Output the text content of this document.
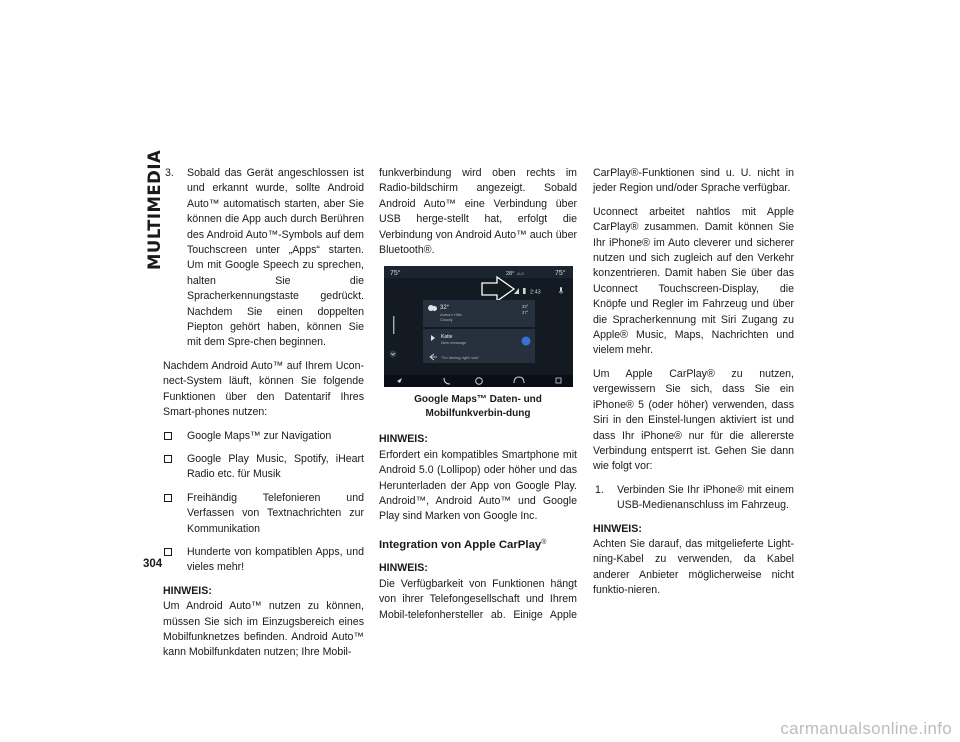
MULTIMEDIA
304
3. Sobald das Gerät angeschlossen ist und erkannt wurde, sollte Android Auto™ automatisch starten, aber Sie können die App auch durch Berühren des Android Auto™-Symbols auf dem Touchscreen unter „Apps“ starten. Um mit Google Speech zu sprechen, halten Sie die Spracherkennungstaste gedrückt. Nachdem Sie einen doppelten Piepton gehört haben, können Sie mit dem Spre-chen beginnen.

Nachdem Android Auto™ auf Ihrem Ucon-nect-System läuft, können Sie folgende Funktionen über den Datentarif Ihres Smart-phones nutzen:

Google Maps™ zur Navigation
Google Play Music, Spotify, iHeart Radio etc. für Musik
Freihändig Telefonieren und Verfassen von Textnachrichten zur Kommunikation
Hunderte von kompatiblen Apps, und vieles mehr!

HINWEIS:

Um Android Auto™ nutzen zu können, müssen Sie sich im Einzugsbereich eines Mobilfunknetzes befinden. Android Auto™ kann Mobilfunkdaten nutzen; Ihre Mobil-

funkverbindung wird oben rechts im Radio-bildschirm angezeigt. Sobald Android Auto™ eine Verbindung über USB herge-stellt hat, erfolgt die Verbindung von Android Auto™ auch über Bluetooth®.

75°	28° AUX	75°
2:43
32°
Auburn Hills
Cloudy
33°
27°
Katie
New message
"I'm driving right now"
Google Maps™ Daten- und Mobilfunkverbin-dung

HINWEIS:

Erfordert ein kompatibles Smartphone mit Android 5.0 (Lollipop) oder höher und das Herunterladen der App von Google Play. Android™, Android Auto™ und Google Play sind Marken von Google Inc.

Integration von Apple CarPlay®

HINWEIS:

Die Verfügbarkeit von Funktionen hängt von ihrer Telefongesellschaft und Ihrem Mobil-telefonhersteller ab. Einige Apple

CarPlay®-Funktionen sind u. U. nicht in jeder Region und/oder Sprache verfügbar.

Uconnect arbeitet nahtlos mit Apple CarPlay® zusammen. Damit können Sie Ihr iPhone® im Auto cleverer und sicherer nutzen und sich zugleich auf den Verkehr konzentrieren. Damit haben Sie über das Uconnect Touchscreen-Display, die Knöpfe und Regler im Fahrzeug und über die Spracherkennung mit Siri Zugang zu Apple® Music, Maps, Nachrichten und vielem mehr.

Um Apple CarPlay® zu nutzen, vergewissern Sie sich, dass Sie ein iPhone® 5 (oder höher) verwenden, dass Siri in den Einstel-lungen aktiviert ist und dass Ihr iPhone® nur für die allererste Verbindung entsperrt ist. Gehen Sie dann wie folgt vor:

1. Verbinden Sie Ihr iPhone® mit einem USB-Medienanschluss im Fahrzeug.

HINWEIS:

Achten Sie darauf, das mitgelieferte Light-ning-Kabel zu verwenden, da Kabel anderer Anbieter möglicherweise nicht funktio-nieren.

carmanualsonline.info
